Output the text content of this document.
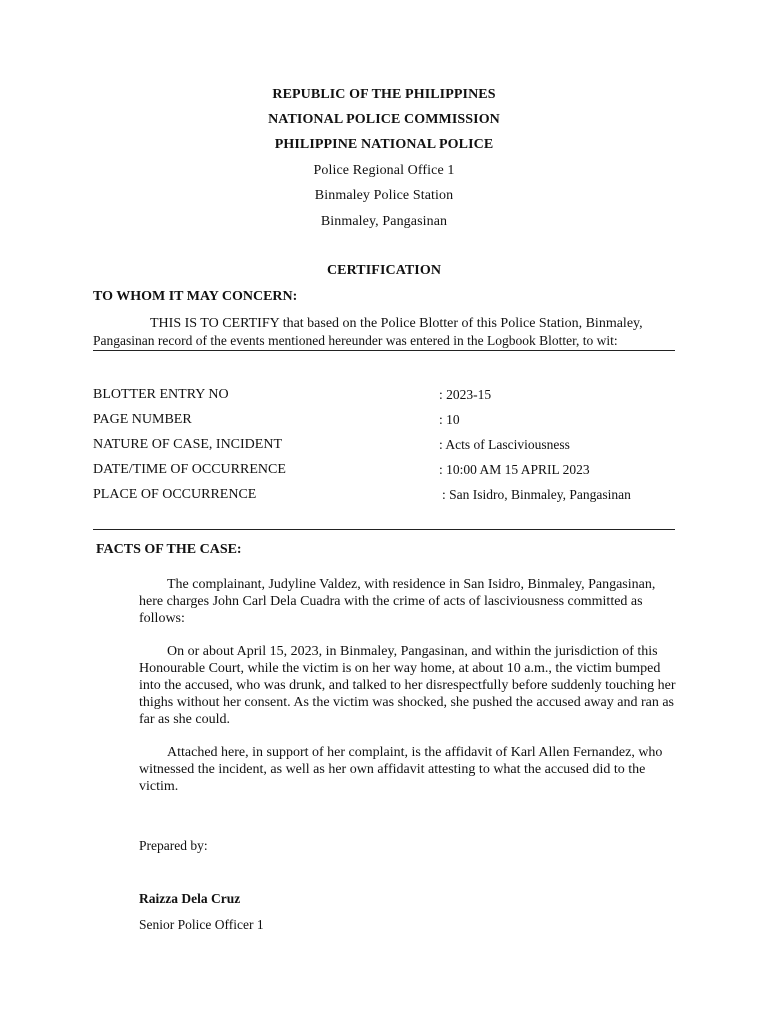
REPUBLIC OF THE PHILIPPINES
NATIONAL POLICE COMMISSION
PHILIPPINE NATIONAL POLICE
Police Regional Office 1
Binmaley Police Station
Binmaley, Pangasinan
CERTIFICATION
TO WHOM IT MAY CONCERN:
THIS IS TO CERTIFY that based on the Police Blotter of this Police Station, Binmaley,
Pangasinan record of the events mentioned hereunder was entered in the Logbook Blotter, to wit:
BLOTTER ENTRY NO	: 2023-15
PAGE NUMBER	: 10
NATURE OF CASE, INCIDENT	: Acts of Lasciviousness
DATE/TIME OF OCCURRENCE	: 10:00 AM 15 APRIL 2023
PLACE OF OCCURRENCE	: San Isidro, Binmaley, Pangasinan
FACTS OF THE CASE:

The complainant, Judyline Valdez, with residence in San Isidro, Binmaley, Pangasinan, here charges John Carl Dela Cuadra with the crime of acts of lasciviousness committed as follows:

On or about April 15, 2023, in Binmaley, Pangasinan, and within the jurisdiction of this Honourable Court, while the victim is on her way home, at about 10 a.m., the victim bumped into the accused, who was drunk, and talked to her disrespectfully before suddenly touching her thighs without her consent. As the victim was shocked, she pushed the accused away and ran as far as she could.

Attached here, in support of her complaint, is the affidavit of Karl Allen Fernandez, who witnessed the incident, as well as her own affidavit attesting to what the accused did to the victim.

Prepared by:
Raizza Dela Cruz
Senior Police Officer 1
